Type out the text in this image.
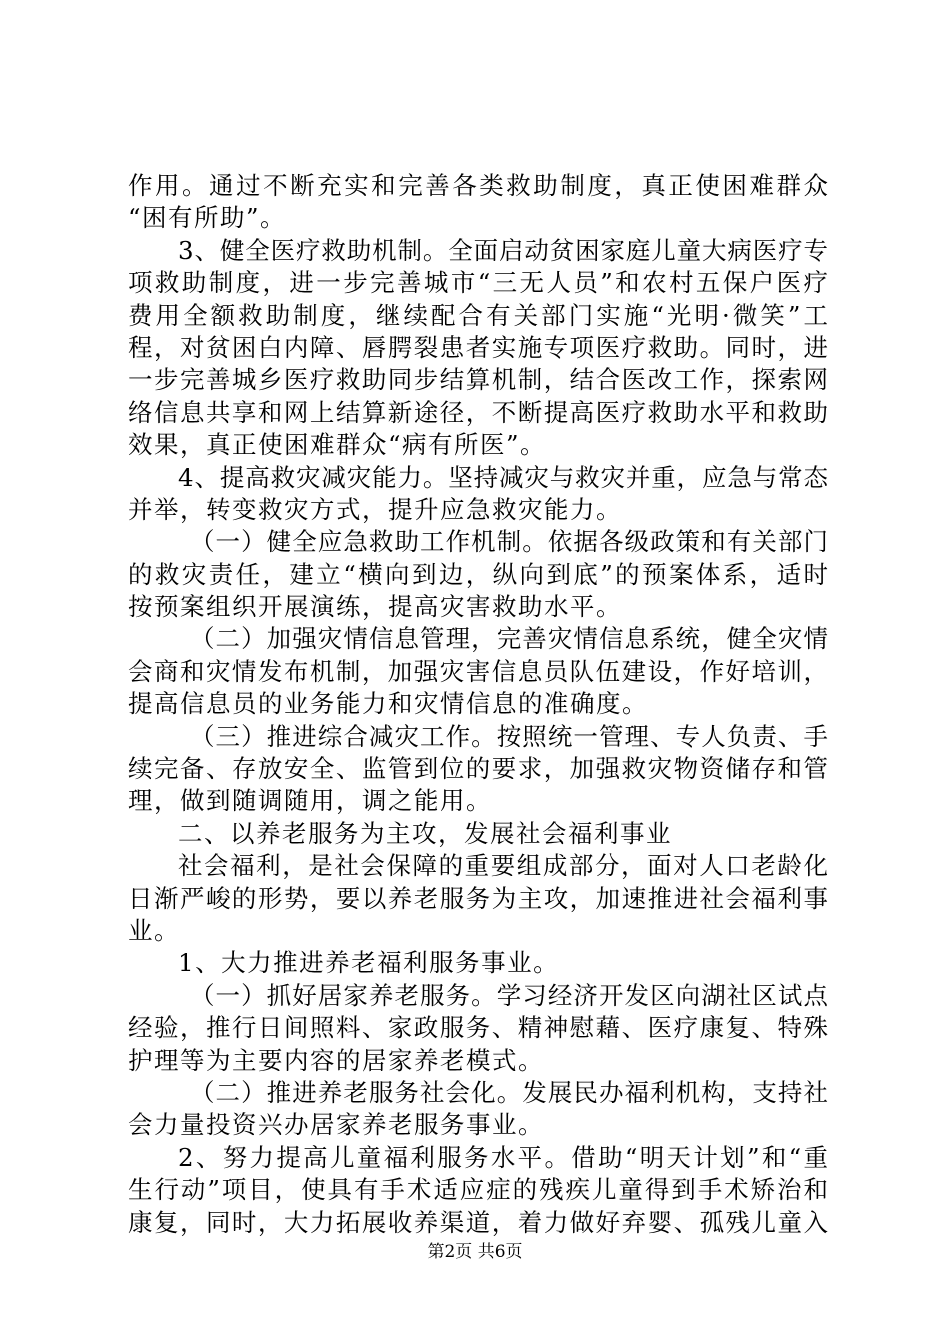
作用。通过不断充实和完善各类救助制度，真正使困难群众
“困有所助”。
3、健全医疗救助机制。全面启动贫困家庭儿童大病医疗专
项救助制度，进一步完善城市“三无人员”和农村五保户医疗
费用全额救助制度，继续配合有关部门实施“光明·微笑”工
程，对贫困白内障、唇腭裂患者实施专项医疗救助。同时，进
一步完善城乡医疗救助同步结算机制，结合医改工作，探索网
络信息共享和网上结算新途径，不断提高医疗救助水平和救助
效果，真正使困难群众“病有所医”。
4、提高救灾减灾能力。坚持减灾与救灾并重，应急与常态
并举，转变救灾方式，提升应急救灾能力。
（一）健全应急救助工作机制。依据各级政策和有关部门
的救灾责任，建立“横向到边，纵向到底”的预案体系，适时
按预案组织开展演练，提高灾害救助水平。
（二）加强灾情信息管理，完善灾情信息系统，健全灾情
会商和灾情发布机制，加强灾害信息员队伍建设，作好培训，
提高信息员的业务能力和灾情信息的准确度。
（三）推进综合减灾工作。按照统一管理、专人负责、手
续完备、存放安全、监管到位的要求，加强救灾物资储存和管
理，做到随调随用，调之能用。
二、以养老服务为主攻，发展社会福利事业
社会福利，是社会保障的重要组成部分，面对人口老龄化
日渐严峻的形势，要以养老服务为主攻，加速推进社会福利事
业。
1、大力推进养老福利服务事业。
（一）抓好居家养老服务。学习经济开发区向湖社区试点
经验，推行日间照料、家政服务、精神慰藉、医疗康复、特殊
护理等为主要内容的居家养老模式。
（二）推进养老服务社会化。发展民办福利机构，支持社
会力量投资兴办居家养老服务事业。
2、努力提高儿童福利服务水平。借助“明天计划”和“重
生行动”项目，使具有手术适应症的残疾儿童得到手术矫治和
康复，同时，大力拓展收养渠道，着力做好弃婴、孤残儿童入
第2页 共6页
